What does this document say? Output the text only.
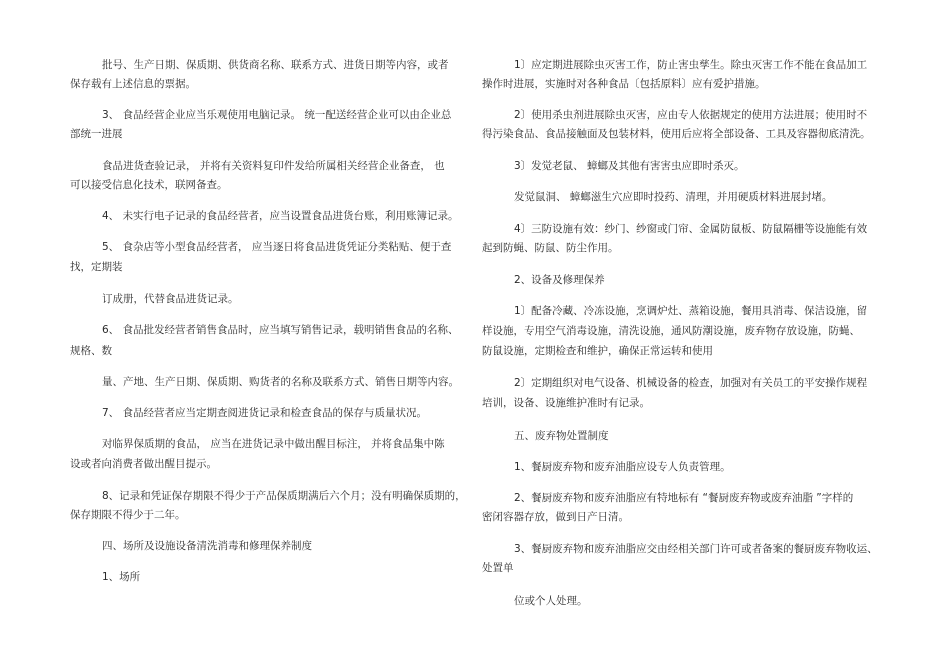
批号、生产日期、保质期、供货商名称、联系方式、进货日期等内容，或者
保存载有上述信息的票据。
3、 食品经营企业应当乐观使用电脑记录。 统一配送经营企业可以由企业总
部统一进展
食品进货查验记录， 并将有关资料复印件发给所属相关经营企业备查， 也
可以接受信息化技术，联网备查。
4、 未实行电子记录的食品经营者，应当设置食品进货台账，利用账簿记录。
5、 食杂店等小型食品经营者， 应当逐日将食品进货凭证分类粘贴、便于查
找，定期装
订成册，代替食品进货记录。
6、 食品批发经营者销售食品时，应当填写销售记录，载明销售食品的名称、
规格、数
量、产地、生产日期、保质期、购货者的名称及联系方式、销售日期等内容。
7、 食品经营者应当定期查阅进货记录和检查食品的保存与质量状况。
对临界保质期的食品， 应当在进货记录中做出醒目标注， 并将食品集中陈
设或者向消费者做出醒目提示。
8、记录和凭证保存期限不得少于产品保质期满后六个月；没有明确保质期的，
保存期限不得少于二年。
四、场所及设施设备清洗消毒和修理保养制度
1、场所
1〕应定期进展除虫灭害工作，防止害虫孳生。除虫灭害工作不能在食品加工
操作时进展，实施时对各种食品〔包括原料〕应有爱护措施。
2〕使用杀虫剂进展除虫灭害，应由专人依据规定的使用方法进展；使用时不
得污染食品、食品接触面及包装材料，使用后应将全部设备、工具及容器彻底清洗。
3〕发觉老鼠、 蟑螂及其他有害害虫应即时杀灭。
发觉鼠洞、 蟑螂滋生穴应即时投药、清理，并用硬质材料进展封堵。
4〕三防设施有效：纱门、纱窗或门帘、金属防鼠板、防鼠隔栅等设施能有效
起到防蝇、防鼠、防尘作用。
2、设备及修理保养
1〕配备冷藏、冷冻设施，烹调炉灶、蒸箱设施，餐用具消毒、保洁设施，留
样设施，专用空气消毒设施，清洗设施，通风防潮设施，废弃物存放设施，防蝇、
防鼠设施，定期检查和维护，确保正常运转和使用
2〕定期组织对电气设备、机械设备的检查，加强对有关员工的平安操作规程
培训，设备、设施维护准时有记录。
五、废弃物处置制度
1、餐厨废弃物和废弃油脂应设专人负责管理。
2、餐厨废弃物和废弃油脂应有特地标有 “餐厨废弃物或废弃油脂 ”字样的
密闭容器存放，做到日产日清。
3、餐厨废弃物和废弃油脂应交由经相关部门许可或者备案的餐厨废弃物收运、
处置单
位或个人处理。
